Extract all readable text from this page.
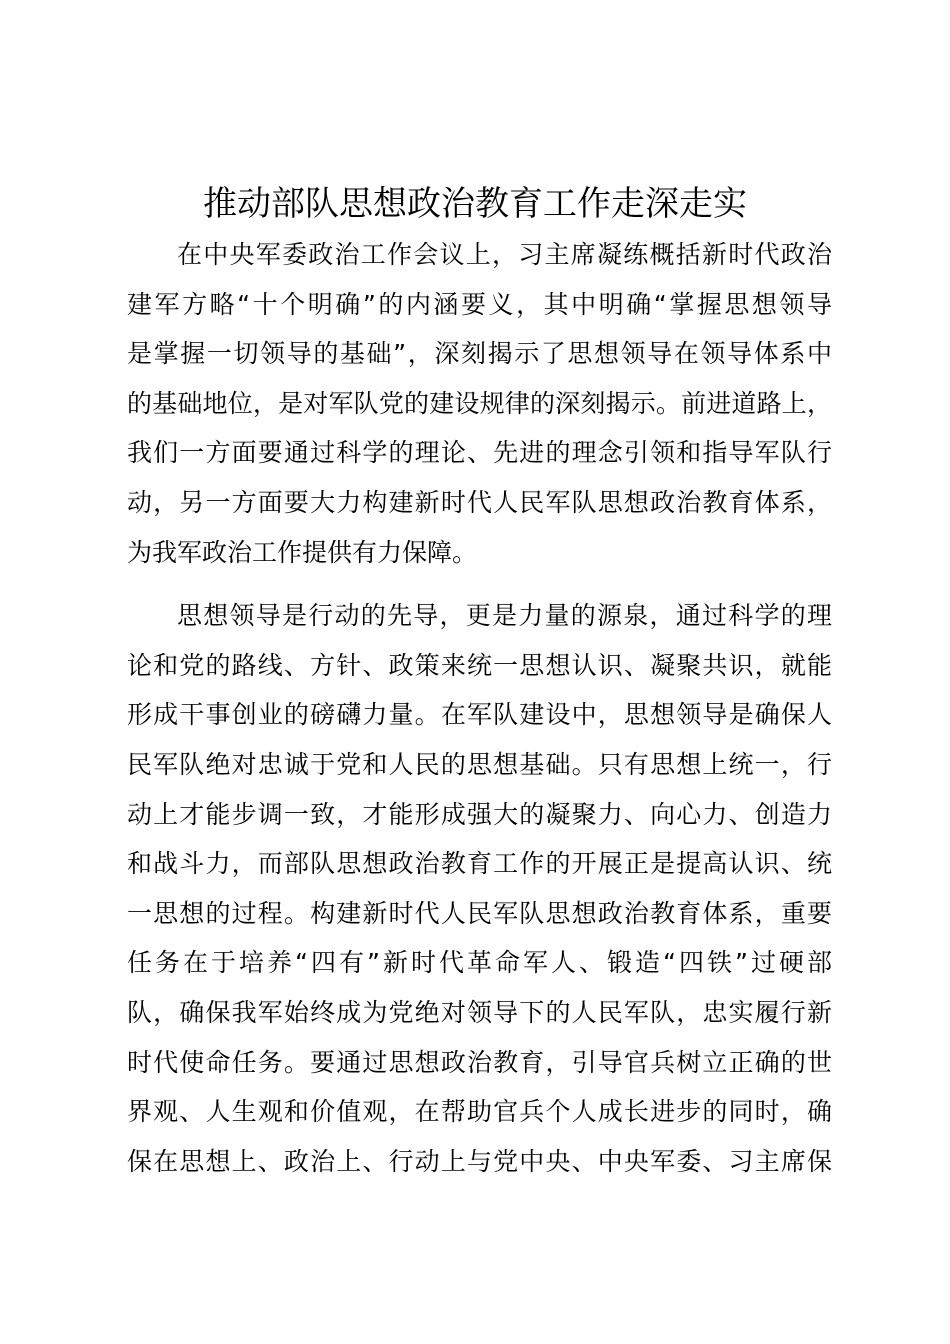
推动部队思想政治教育工作走深走实

在中央军委政治工作会议上，习主席凝练概括新时代政治
建军方略“十个明确”的内涵要义，其中明确“掌握思想领导
是掌握一切领导的基础”，深刻揭示了思想领导在领导体系中
的基础地位，是对军队党的建设规律的深刻揭示。前进道路上，
我们一方面要通过科学的理论、先进的理念引领和指导军队行
动，另一方面要大力构建新时代人民军队思想政治教育体系，
为我军政治工作提供有力保障。

思想领导是行动的先导，更是力量的源泉，通过科学的理
论和党的路线、方针、政策来统一思想认识、凝聚共识，就能
形成干事创业的磅礴力量。在军队建设中，思想领导是确保人
民军队绝对忠诚于党和人民的思想基础。只有思想上统一，行
动上才能步调一致，才能形成强大的凝聚力、向心力、创造力
和战斗力，而部队思想政治教育工作的开展正是提高认识、统
一思想的过程。构建新时代人民军队思想政治教育体系，重要
任务在于培养“四有”新时代革命军人、锻造“四铁”过硬部
队，确保我军始终成为党绝对领导下的人民军队，忠实履行新
时代使命任务。要通过思想政治教育，引导官兵树立正确的世
界观、人生观和价值观，在帮助官兵个人成长进步的同时，确
保在思想上、政治上、行动上与党中央、中央军委、习主席保
